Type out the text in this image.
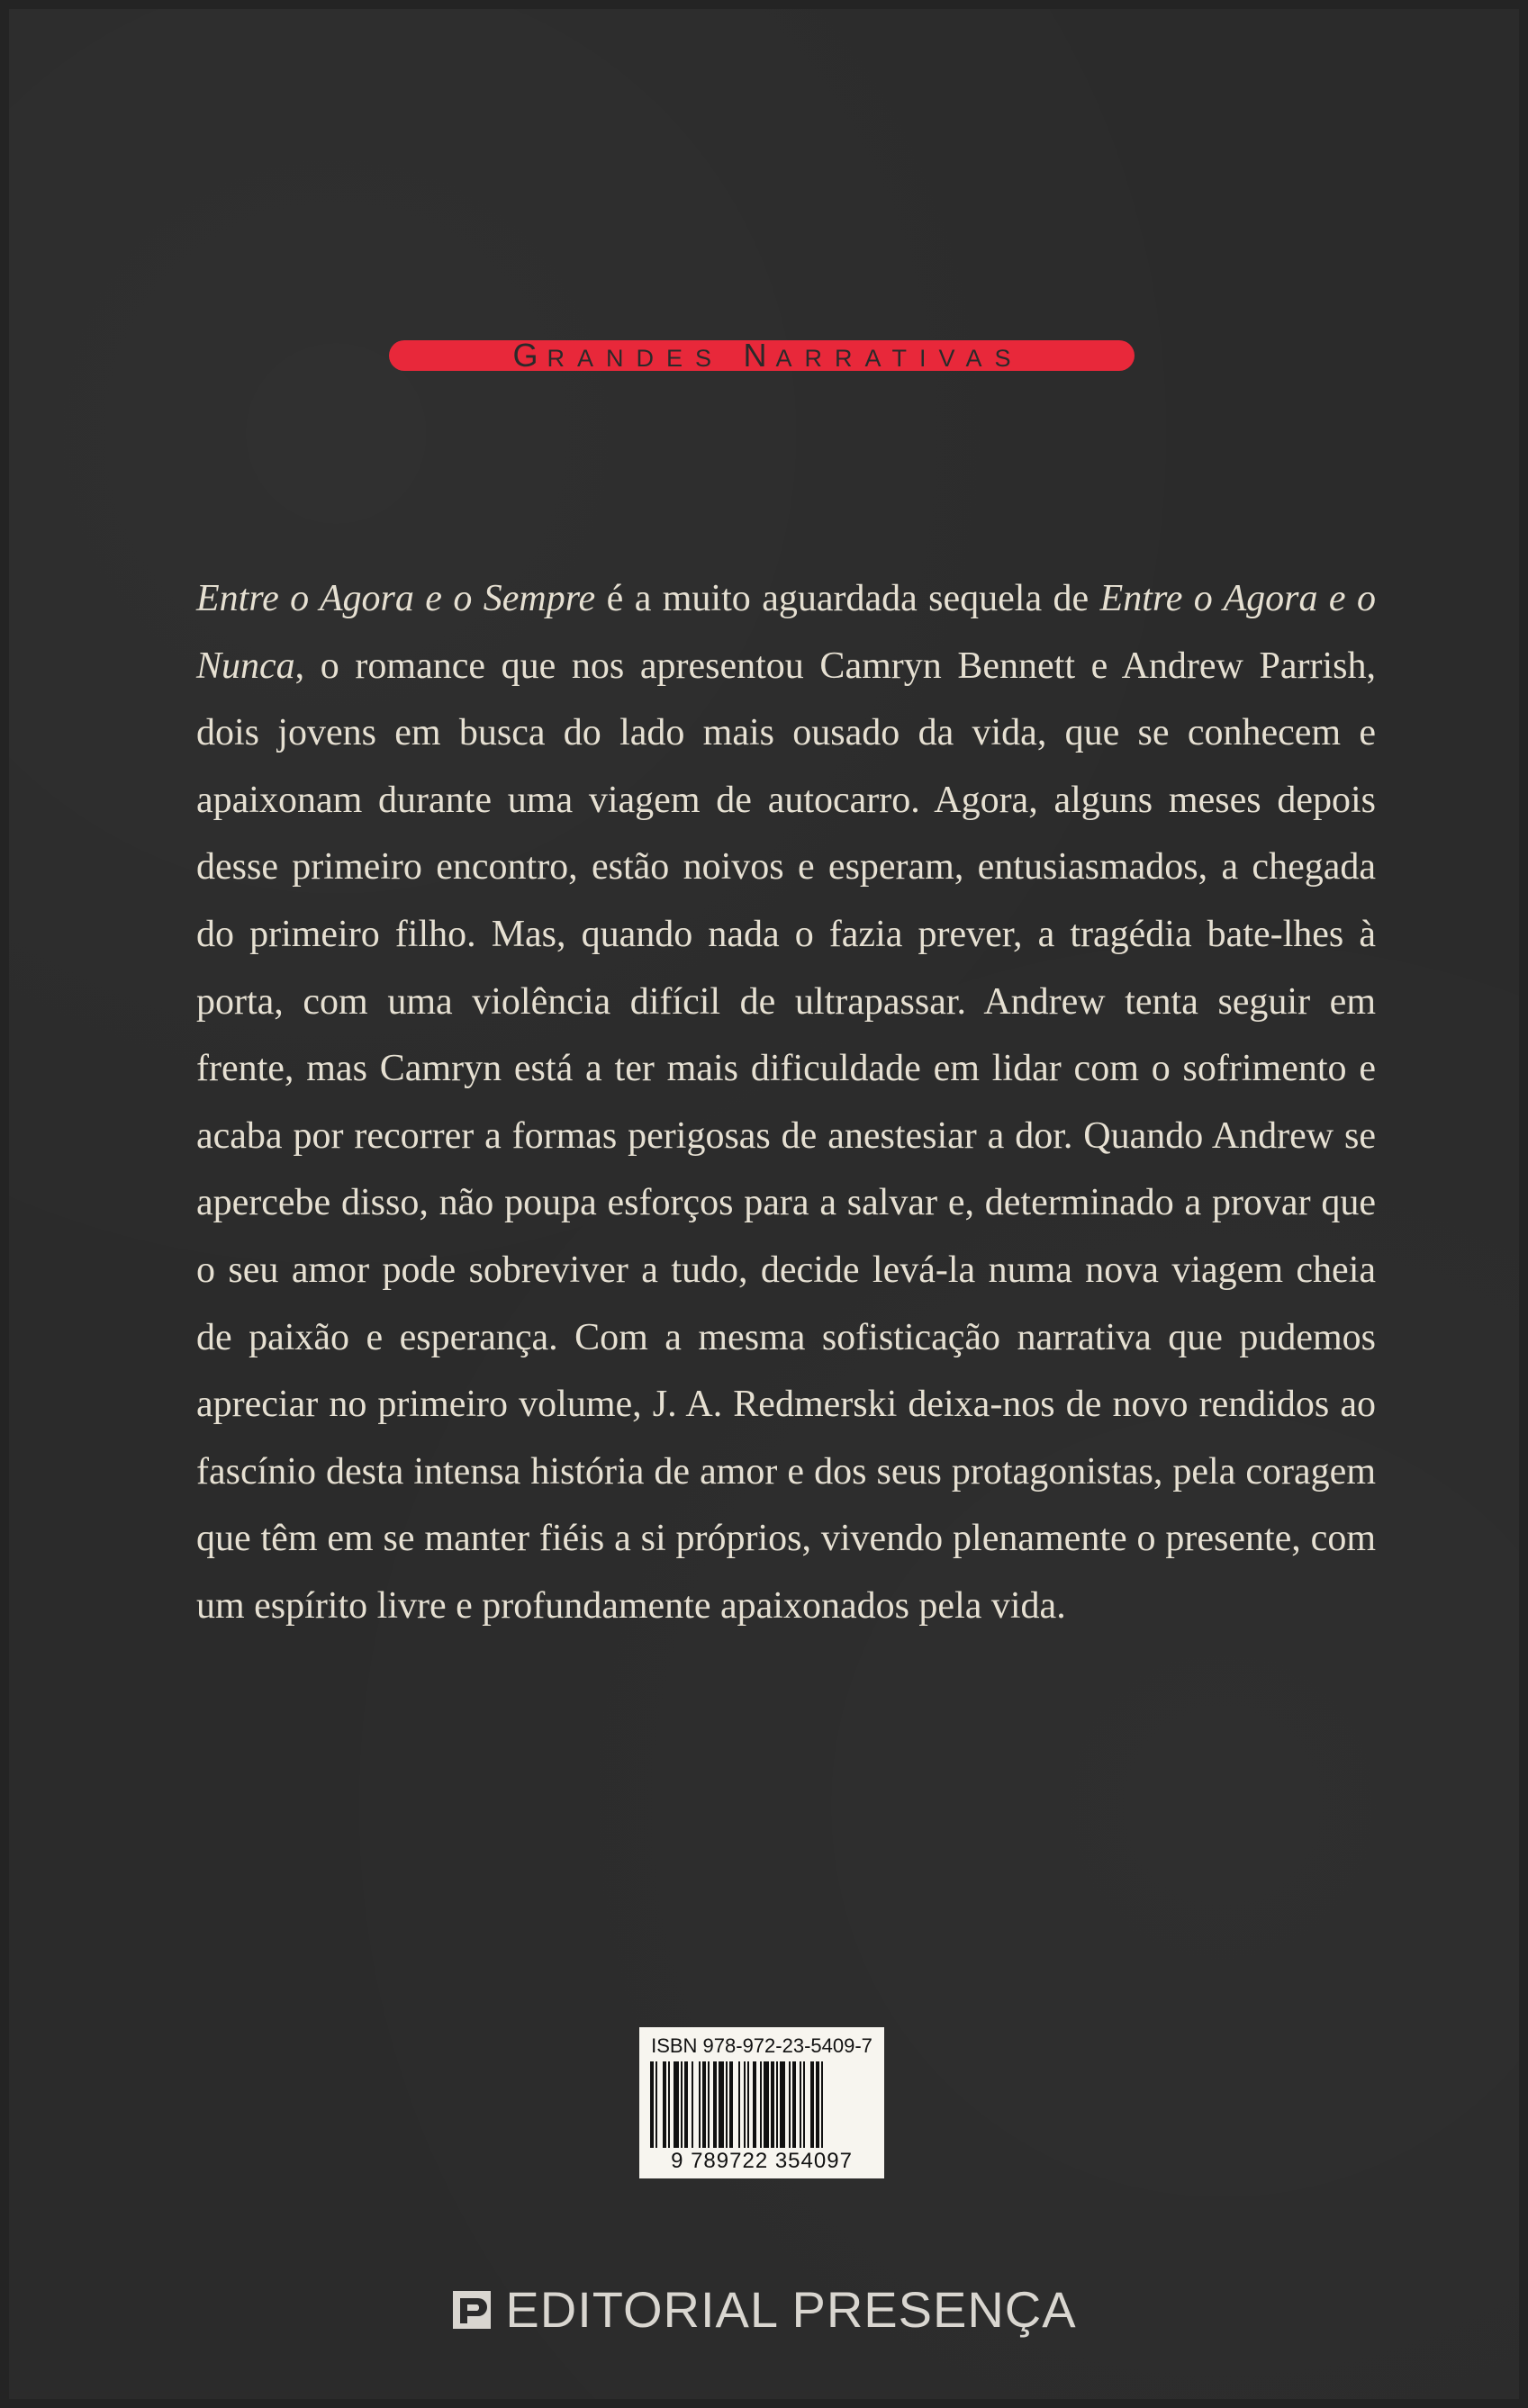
GRANDES NARRATIVAS

Entre o Agora e o Sempre é a muito aguardada sequela de Entre o Agora e o Nunca, o romance que nos apresentou Camryn Bennett e Andrew Parrish, dois jovens em busca do lado mais ousado da vida, que se conhecem e apaixonam durante uma viagem de autocarro. Agora, alguns meses depois desse primeiro encontro, estão noivos e esperam, entusiasmados, a chegada do primeiro filho. Mas, quando nada o fazia prever, a tragédia bate-lhes à porta, com uma violência difícil de ultrapassar. Andrew tenta seguir em frente, mas Camryn está a ter mais dificuldade em lidar com o sofrimento e acaba por recorrer a formas perigosas de anestesiar a dor. Quando Andrew se apercebe disso, não poupa esforços para a salvar e, determinado a provar que o seu amor pode sobreviver a tudo, decide levá-la numa nova viagem cheia de paixão e esperança. Com a mesma sofisticação narrativa que pudemos apreciar no primeiro volume, J. A. Redmerski deixa-nos de novo rendidos ao fascínio desta intensa história de amor e dos seus protagonistas, pela coragem que têm em se manter fiéis a si próprios, vivendo plenamente o presente, com um espírito livre e profundamente apaixonados pela vida.

ISBN 978-972-23-5409-7
9 789722 354097
EDITORIAL PRESENÇA
